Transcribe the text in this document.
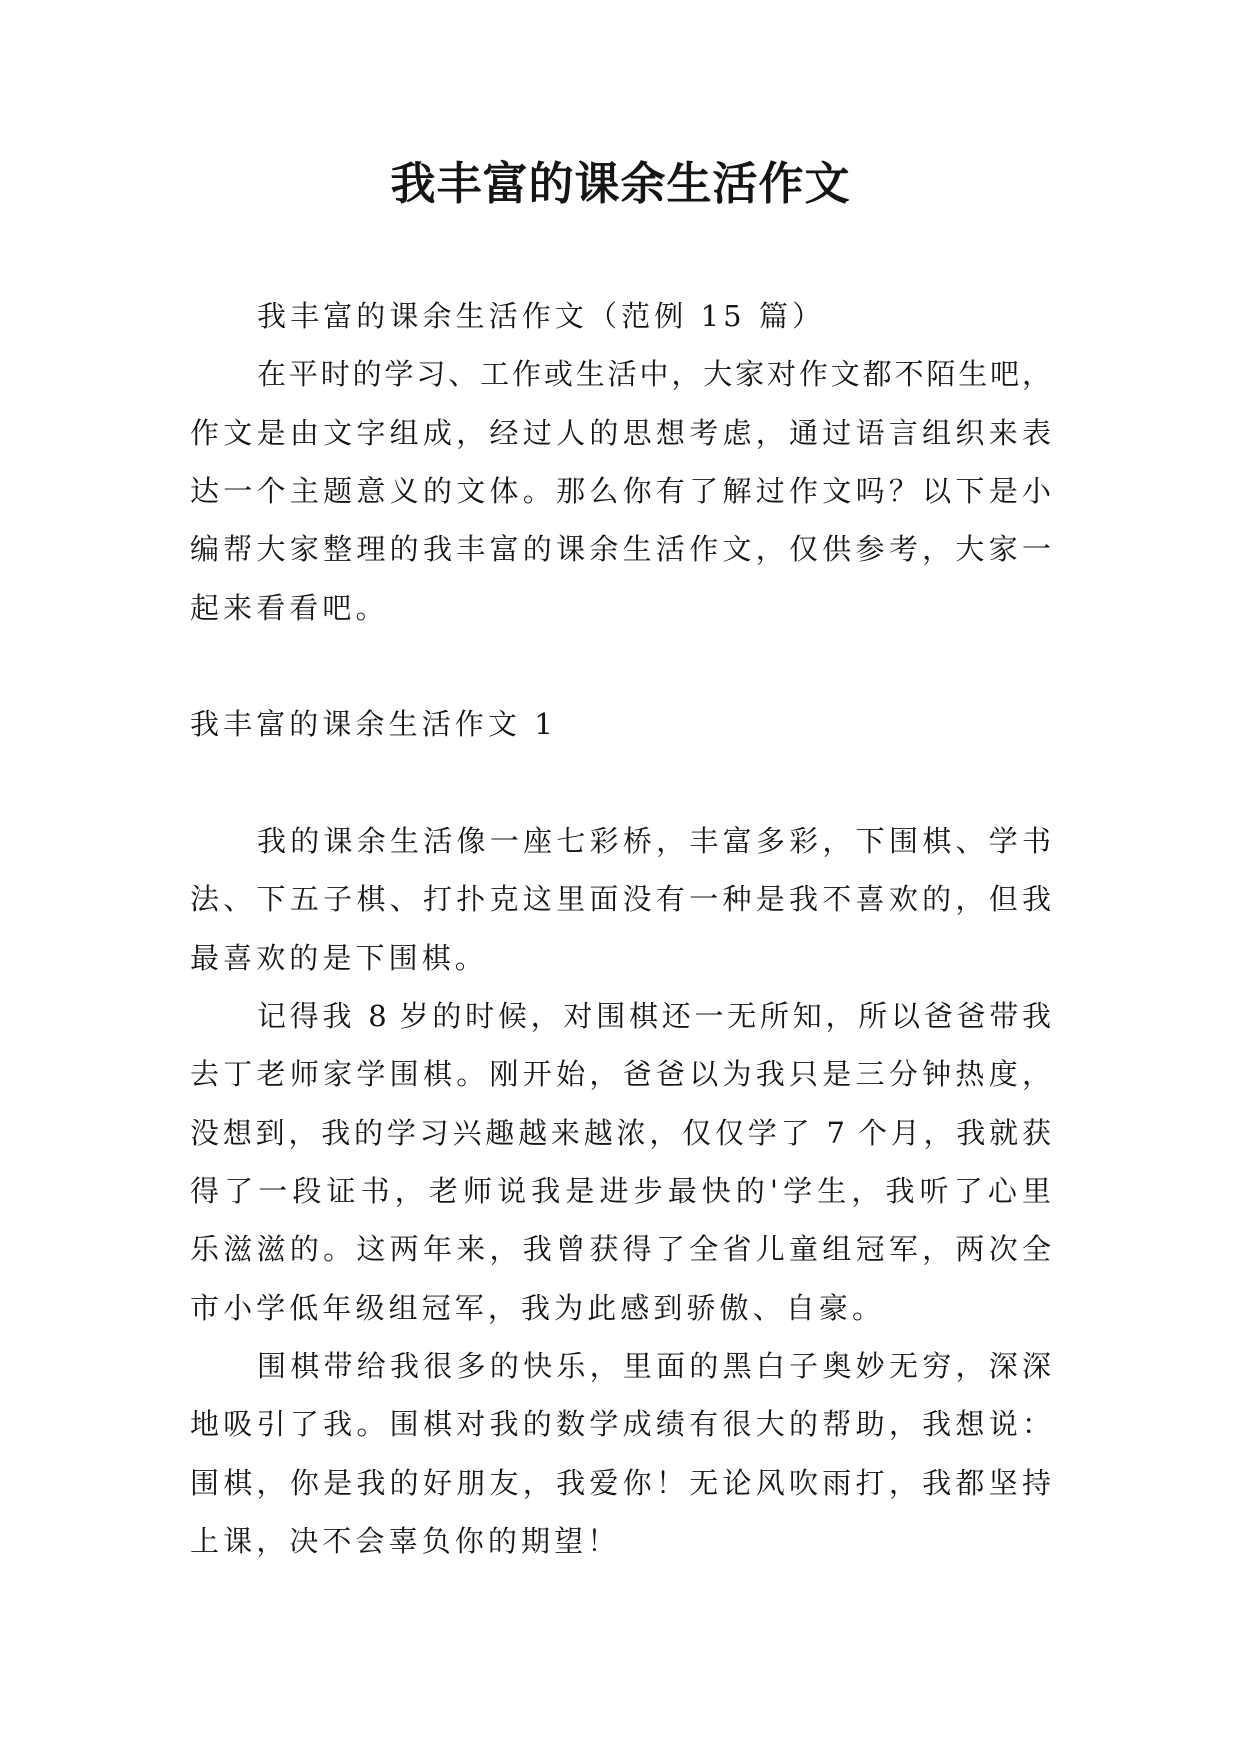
我丰富的课余生活作文
我丰富的课余生活作文（范例 15 篇）
在平时的学习、工作或生活中，大家对作文都不陌生吧，
作文是由文字组成，经过人的思想考虑，通过语言组织来表
达一个主题意义的文体。那么你有了解过作文吗？以下是小
编帮大家整理的我丰富的课余生活作文，仅供参考，大家一
起来看看吧。
我丰富的课余生活作文 1
我的课余生活像一座七彩桥，丰富多彩，下围棋、学书
法、下五子棋、打扑克这里面没有一种是我不喜欢的，但我
最喜欢的是下围棋。
记得我 8 岁的时候，对围棋还一无所知，所以爸爸带我
去丁老师家学围棋。刚开始，爸爸以为我只是三分钟热度，
没想到，我的学习兴趣越来越浓，仅仅学了 7 个月，我就获
得了一段证书，老师说我是进步最快的'学生，我听了心里
乐滋滋的。这两年来，我曾获得了全省儿童组冠军，两次全
市小学低年级组冠军，我为此感到骄傲、自豪。
围棋带给我很多的快乐，里面的黑白子奥妙无穷，深深
地吸引了我。围棋对我的数学成绩有很大的帮助，我想说：
围棋，你是我的好朋友，我爱你！无论风吹雨打，我都坚持
上课，决不会辜负你的期望！
